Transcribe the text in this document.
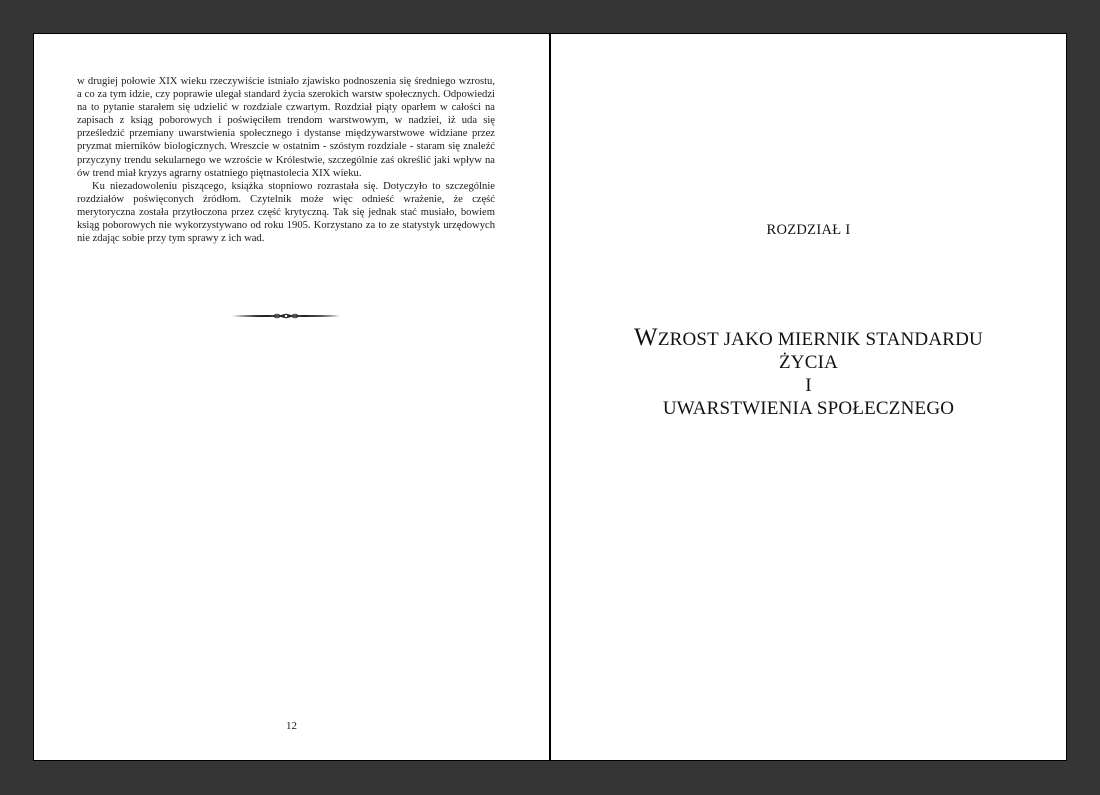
w drugiej połowie XIX wieku rzeczywiście istniało zjawisko podnoszenia się średniego wzrostu, a co za tym idzie, czy poprawie ulegał standard życia szerokich warstw społecznych. Odpowiedzi na to pytanie starałem się udzielić w rozdziale czwartym. Rozdział piąty oparłem w całości na zapisach z ksiąg poborowych i poświęciłem trendom warstwowym, w nadziei, iż uda się prześledzić przemiany uwarstwienia społecznego i dystanse międzywarstwowe widziane przez pryzmat mierników biologicznych. Wreszcie w ostatnim - szóstym rozdziale - staram się znaleźć przyczyny trendu sekularnego we wzroście w Królestwie, szczególnie zaś określić jaki wpływ na ów trend miał kryzys agrarny ostatniego piętnastolecia XIX wieku.

Ku niezadowoleniu piszącego, książka stopniowo rozrastała się. Dotyczyło to szczególnie rozdziałów poświęconych źródłom. Czytelnik może więc odnieść wrażenie, że część merytoryczna została przytłoczona przez część krytyczną. Tak się jednak stać musiało, bowiem ksiąg poborowych nie wykorzystywano od roku 1905. Korzystano za to ze statystyk urzędowych nie zdając sobie przy tym sprawy z ich wad.

12
ROZDZIAŁ I
WZROST JAKO MIERNIK STANDARDU
ŻYCIA
I
UWARSTWIENIA SPOŁECZNEGO
